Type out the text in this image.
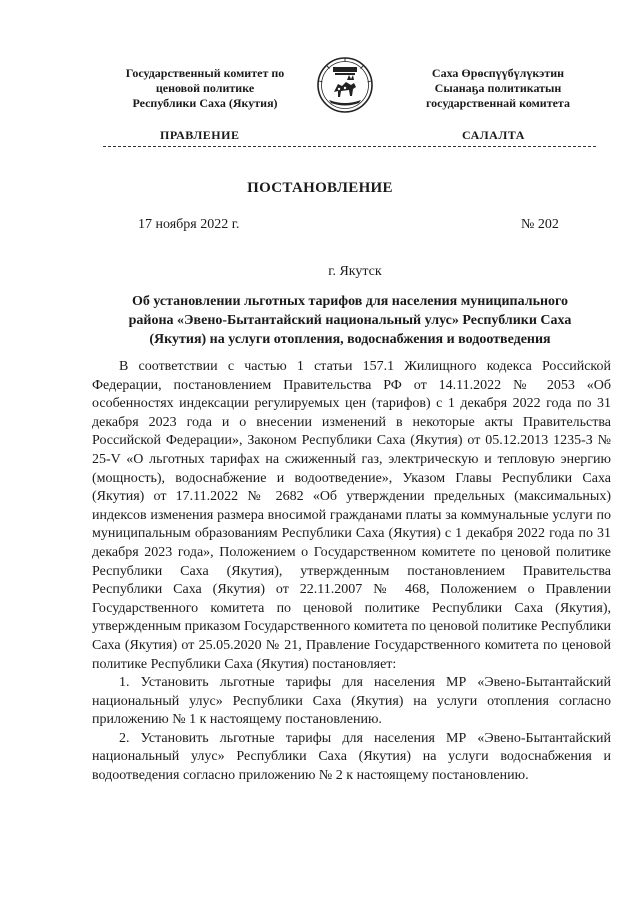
Государственный комитет по
ценовой политике
Республики Саха (Якутия)
Саха Өрөспүүбүлүкэтин
Сыанаҕа политикатын
государственнай комитета
ПРАВЛЕНИЕ	САЛАЛТА
ПОСТАНОВЛЕНИЕ
17 ноября 2022 г.	№ 202
г. Якутск
Об установлении льготных тарифов для населения муниципального района «Эвено-Бытантайский национальный улус» Республики Саха (Якутия) на услуги отопления, водоснабжения и водоотведения

В соответствии с частью 1 статьи 157.1 Жилищного кодекса Российской Федерации, постановлением Правительства РФ от 14.11.2022 № 2053 «Об особенностях индексации регулируемых цен (тарифов) с 1 декабря 2022 года по 31 декабря 2023 года и о внесении изменений в некоторые акты Правительства Российской Федерации», Законом Республики Саха (Якутия) от 05.12.2013 1235-З № 25-V «О льготных тарифах на сжиженный газ, электрическую и тепловую энергию (мощность), водоснабжение и водоотведение», Указом Главы Республики Саха (Якутия) от 17.11.2022 № 2682 «Об утверждении предельных (максимальных) индексов изменения размера вносимой гражданами платы за коммунальные услуги по муниципальным образованиям Республики Саха (Якутия) с 1 декабря 2022 года по 31 декабря 2023 года», Положением о Государственном комитете по ценовой политике Республики Саха (Якутия), утвержденным постановлением Правительства Республики Саха (Якутия) от 22.11.2007 № 468, Положением о Правлении Государственного комитета по ценовой политике Республики Саха (Якутия), утвержденным приказом Государственного комитета по ценовой политике Республики Саха (Якутия) от 25.05.2020 № 21, Правление Государственного комитета по ценовой политике Республики Саха (Якутия) постановляет:

1. Установить льготные тарифы для населения МР «Эвено-Бытантайский национальный улус» Республики Саха (Якутия) на услуги отопления согласно приложению № 1 к настоящему постановлению.

2. Установить льготные тарифы для населения МР «Эвено-Бытантайский национальный улус» Республики Саха (Якутия) на услуги водоснабжения и водоотведения согласно приложению № 2 к настоящему постановлению.
